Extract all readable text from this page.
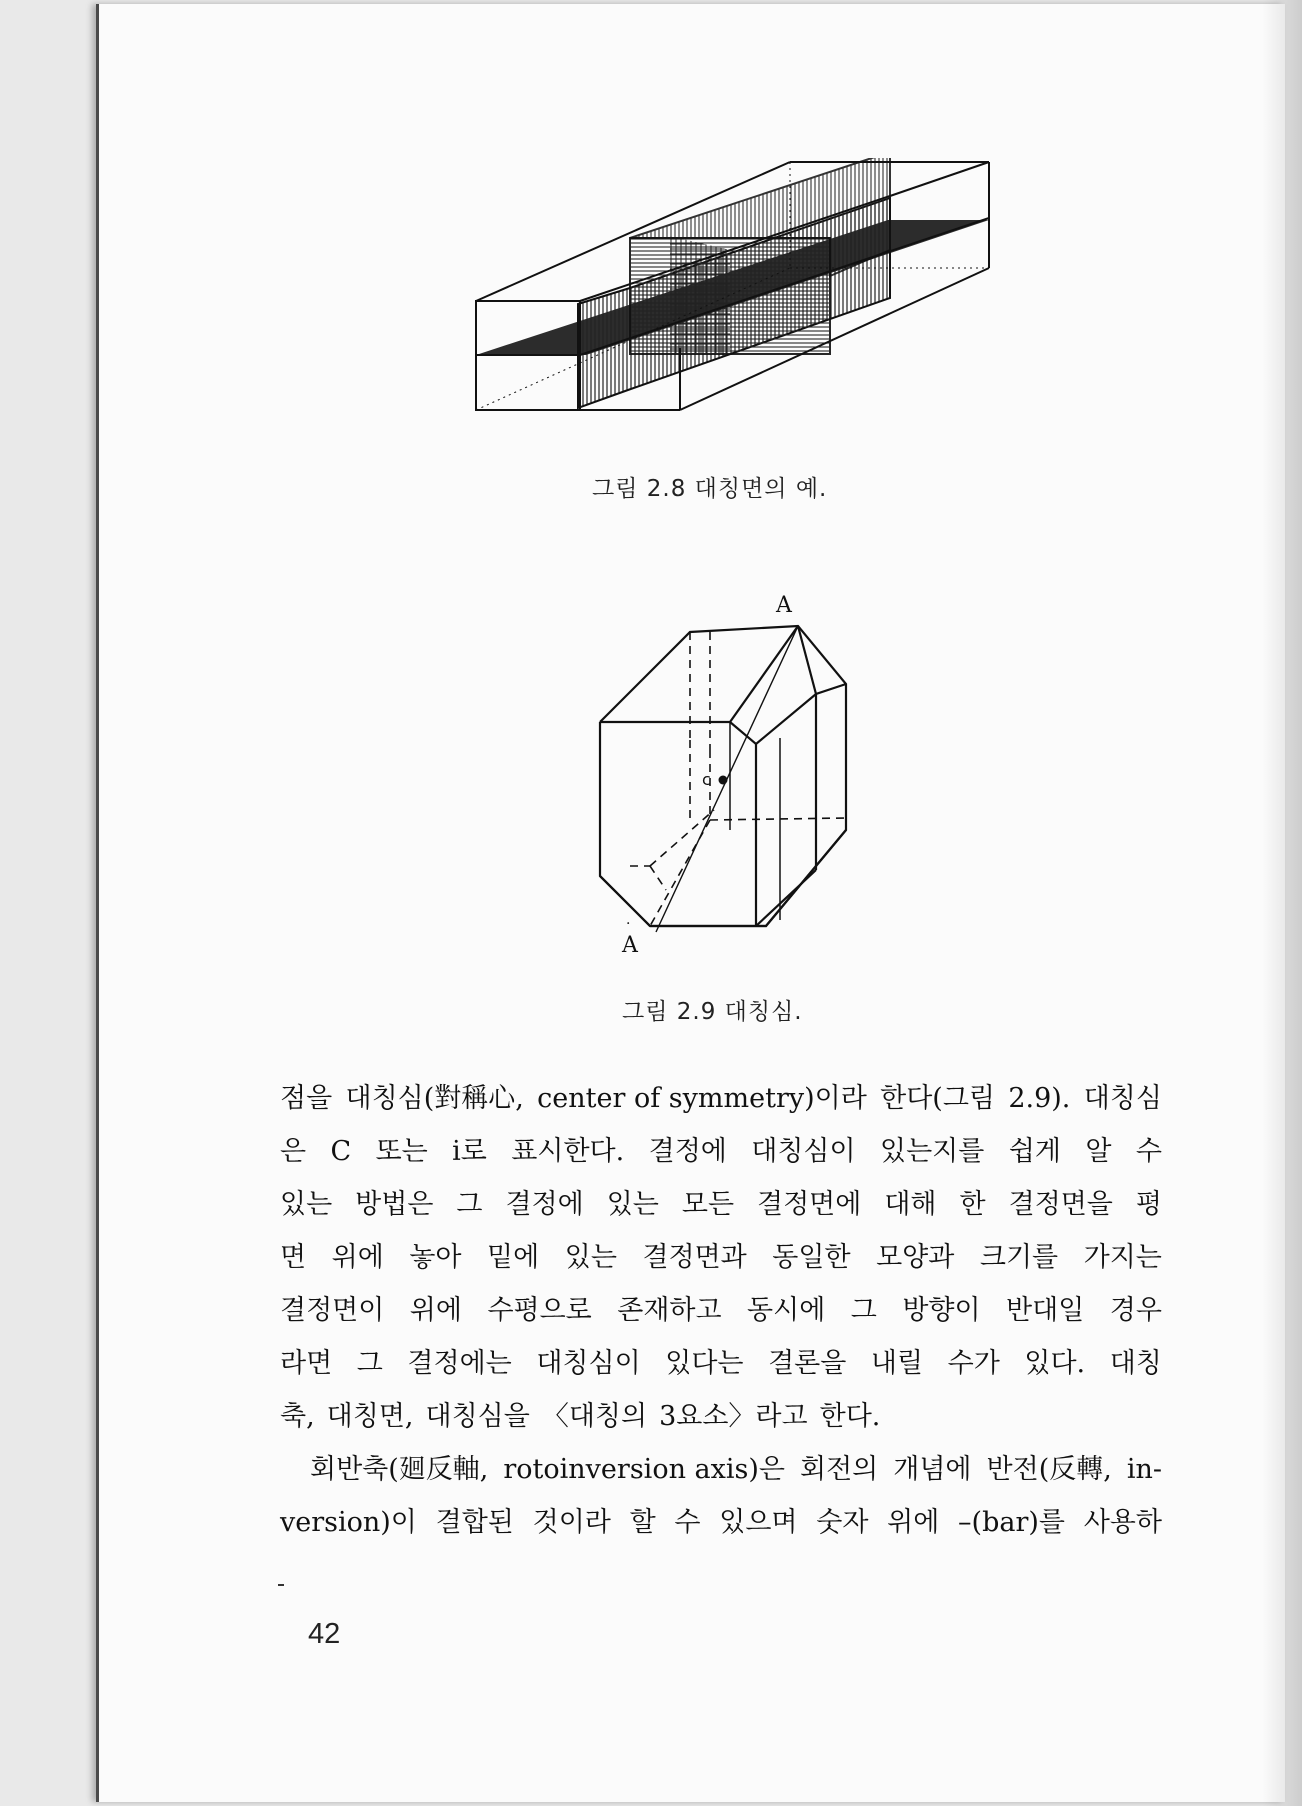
그림 2.8 대칭면의 예.
c
A
A
·
그림 2.9 대칭심.
점을 대칭심(對稱心, center of symmetry)이라 한다(그림 2.9). 대칭심
은 C 또는 i로 표시한다. 결정에 대칭심이 있는지를 쉽게 알 수
있는 방법은 그 결정에 있는 모든 결정면에 대해 한 결정면을 평
면 위에 놓아 밑에 있는 결정면과 동일한 모양과 크기를 가지는
결정면이 위에 수평으로 존재하고 동시에 그 방향이 반대일 경우
라면 그 결정에는 대칭심이 있다는 결론을 내릴 수가 있다. 대칭
축, 대칭면, 대칭심을 〈대칭의 3요소〉라고 한다.
회반축(廻反軸, rotoinversion axis)은 회전의 개념에 반전(反轉, in-
version)이 결합된 것이라 할 수 있으며 숫자 위에 –(bar)를 사용하
42
